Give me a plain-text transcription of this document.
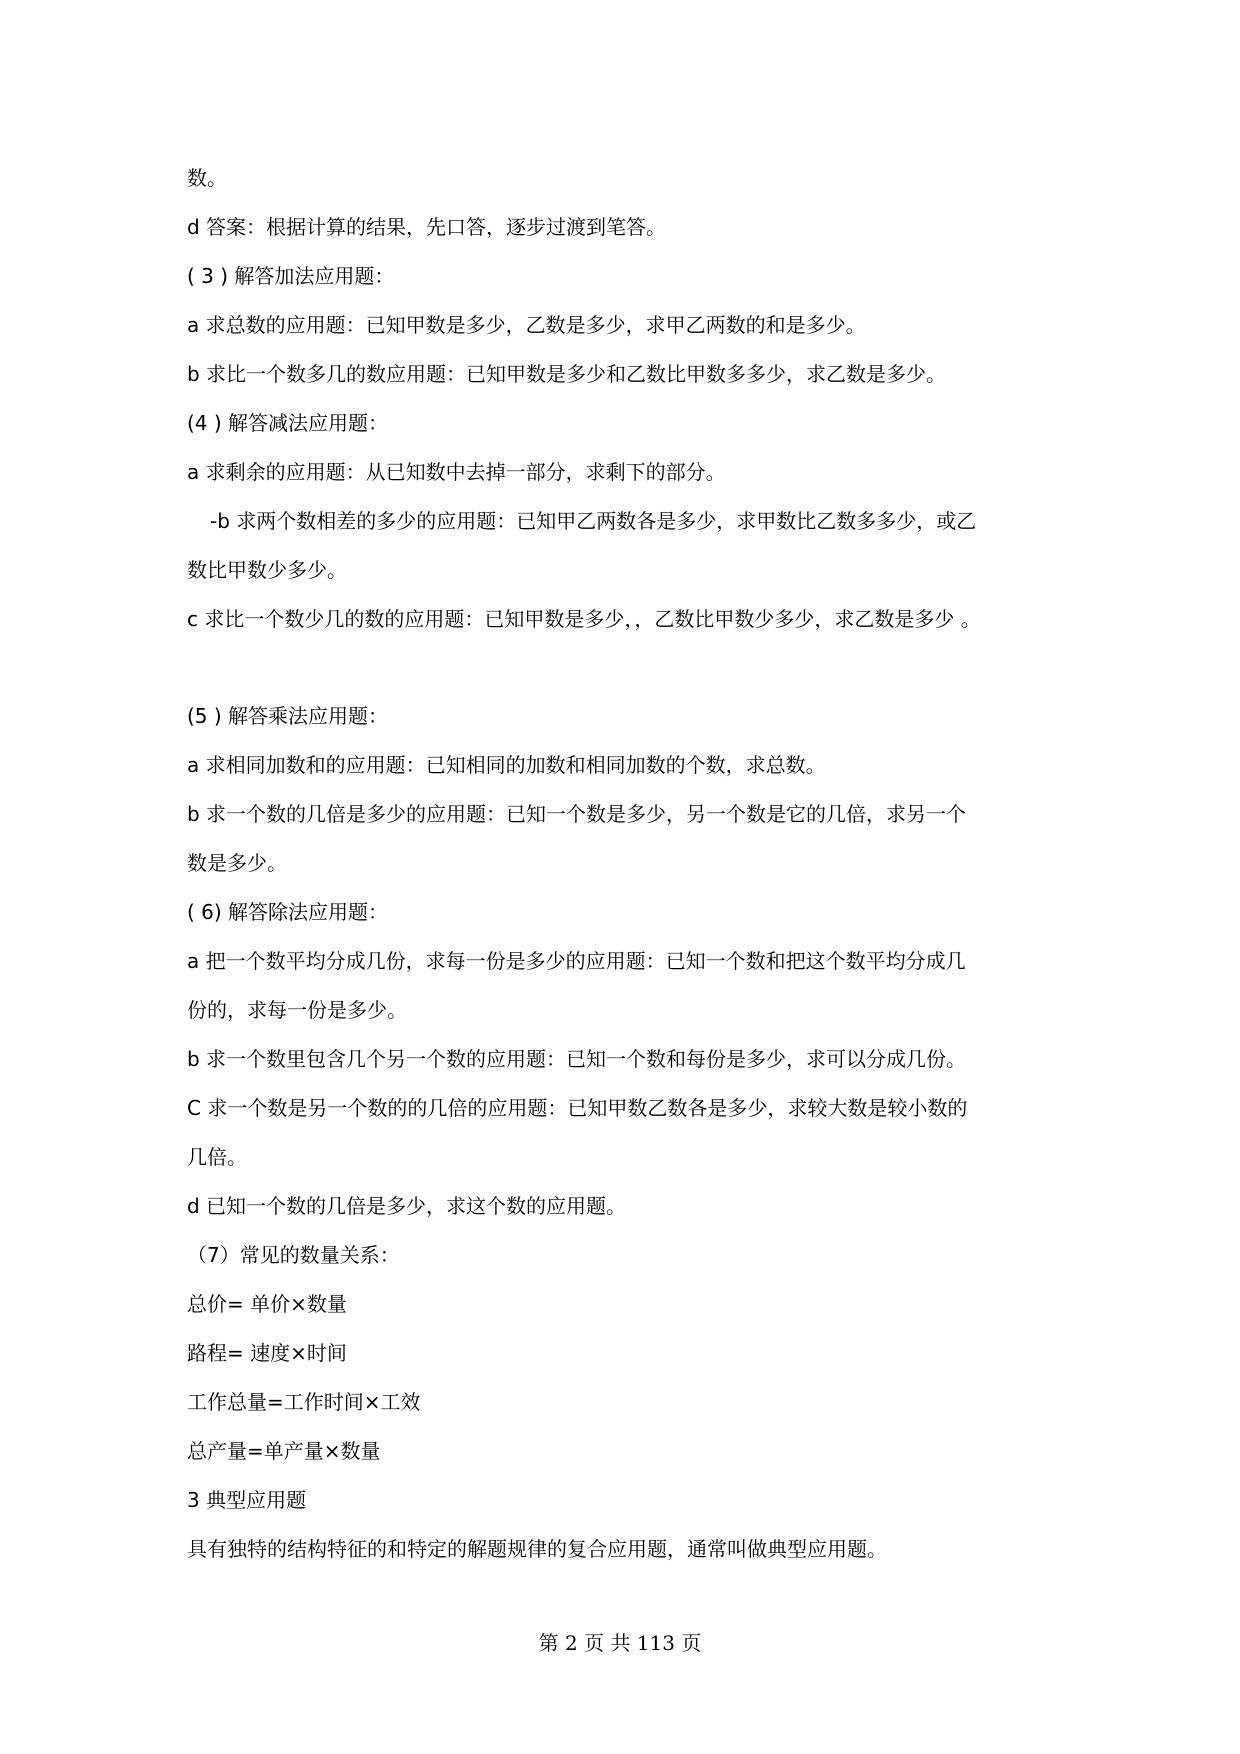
数。
d 答案：根据计算的结果，先口答，逐步过渡到笔答。
( 3 ) 解答加法应用题：
a 求总数的应用题：已知甲数是多少，乙数是多少，求甲乙两数的和是多少。
b 求比一个数多几的数应用题：已知甲数是多少和乙数比甲数多多少，求乙数是多少。
(4 ) 解答减法应用题：
a 求剩余的应用题：从已知数中去掉一部分，求剩下的部分。
-b 求两个数相差的多少的应用题：已知甲乙两数各是多少，求甲数比乙数多多少，或乙
数比甲数少多少。
c 求比一个数少几的数的应用题：已知甲数是多少，，乙数比甲数少多少，求乙数是多少 。
(5 ) 解答乘法应用题：
a 求相同加数和的应用题：已知相同的加数和相同加数的个数，求总数。
b 求一个数的几倍是多少的应用题：已知一个数是多少，另一个数是它的几倍，求另一个
数是多少。
( 6) 解答除法应用题：
a 把一个数平均分成几份，求每一份是多少的应用题：已知一个数和把这个数平均分成几
份的，求每一份是多少。
b 求一个数里包含几个另一个数的应用题：已知一个数和每份是多少，求可以分成几份。
C 求一个数是另一个数的的几倍的应用题：已知甲数乙数各是多少，求较大数是较小数的
几倍。
d 已知一个数的几倍是多少，求这个数的应用题。
（7）常见的数量关系：
总价= 单价×数量
路程= 速度×时间
工作总量=工作时间×工效
总产量=单产量×数量
3 典型应用题
具有独特的结构特征的和特定的解题规律的复合应用题，通常叫做典型应用题。
第 2 页 共 113 页
